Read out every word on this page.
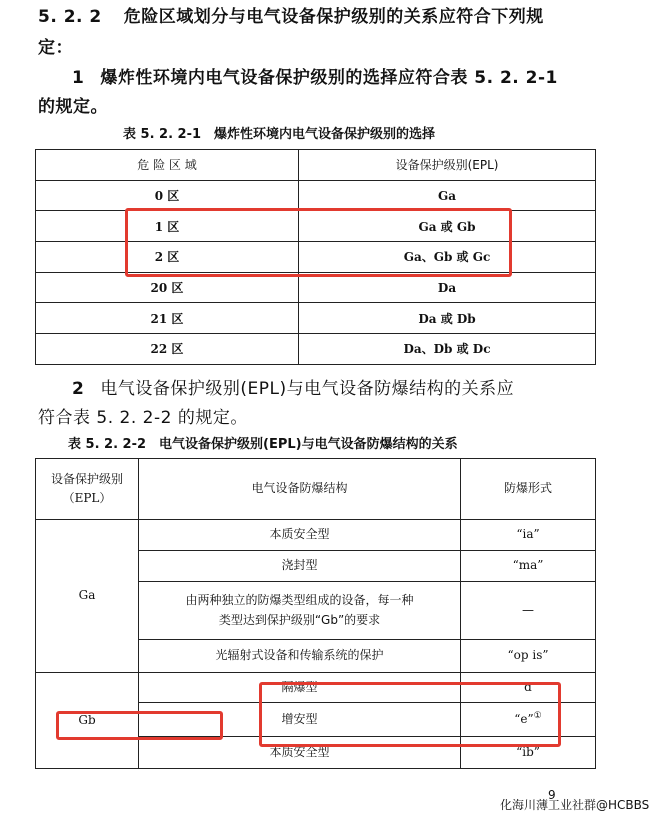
5. 2. 2 危险区域划分与电气设备保护级别的关系应符合下列规
定：
1 爆炸性环境内电气设备保护级别的选择应符合表 5. 2. 2-1
的规定。
表 5. 2. 2-1　爆炸性环境内电气设备保护级别的选择
危 险 区 域	设备保护级别(EPL)
0 区	Ga
1 区	Ga 或 Gb
2 区	Ga、Gb 或 Gc
20 区	Da
21 区	Da 或 Db
22 区	Da、Db 或 Dc
2 电气设备保护级别(EPL)与电气设备防爆结构的关系应
符合表 5. 2. 2-2 的规定。
表 5. 2. 2-2　电气设备保护级别(EPL)与电气设备防爆结构的关系
设备保护级别
（EPL）	电气设备防爆结构	防爆形式
Ga	本质安全型	“ia”
	浇封型	“ma”

	由两种独立的防爆类型组成的设备，每一种
类型达到保护级别“Gb”的要求	—
	光辐射式设备和传输系统的保护	“op is”
Gb	隔爆型	“d”
	增安型	“e”①
	本质安全型	“ib”
9
化海川薄工业社群@HCBBS
